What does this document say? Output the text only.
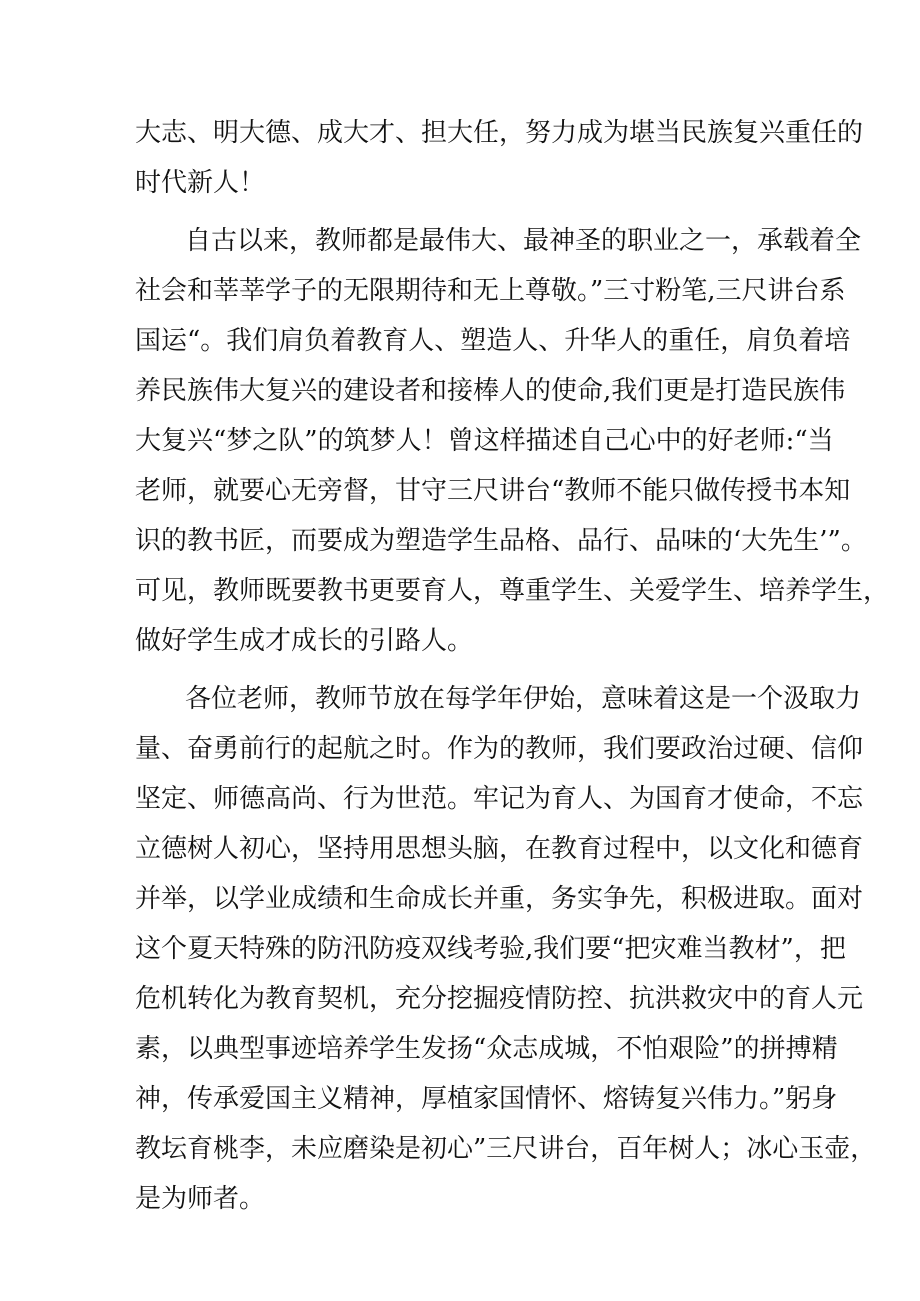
大志、明大德、成大才、担大任，努力成为堪当民族复兴重任的
时代新人！
自古以来，教师都是最伟大、最神圣的职业之一，承载着全
社会和莘莘学子的无限期待和无上尊敬。”三寸粉笔,三尺讲台系
国运“。我们肩负着教育人、塑造人、升华人的重任，肩负着培
养民族伟大复兴的建设者和接棒人的使命,我们更是打造民族伟
大复兴“梦之队”的筑梦人！曾这样描述自己心中的好老师:“当
老师，就要心无旁督，甘守三尺讲台“教师不能只做传授书本知
识的教书匠，而要成为塑造学生品格、品行、品味的‘大先生’”。
可见，教师既要教书更要育人，尊重学生、关爱学生、培养学生，
做好学生成才成长的引路人。
各位老师，教师节放在每学年伊始，意味着这是一个汲取力
量、奋勇前行的起航之时。作为的教师，我们要政治过硬、信仰
坚定、师德高尚、行为世范。牢记为育人、为国育才使命，不忘
立德树人初心，坚持用思想头脑，在教育过程中，以文化和德育
并举，以学业成绩和生命成长并重，务实争先，积极进取。面对
这个夏天特殊的防汛防疫双线考验,我们要“把灾难当教材”，把
危机转化为教育契机，充分挖掘疫情防控、抗洪救灾中的育人元
素，以典型事迹培养学生发扬“众志成城，不怕艰险”的拼搏精
神，传承爱国主义精神，厚植家国情怀、熔铸复兴伟力。”躬身
教坛育桃李，未应磨染是初心”三尺讲台，百年树人；冰心玉壶，
是为师者。
